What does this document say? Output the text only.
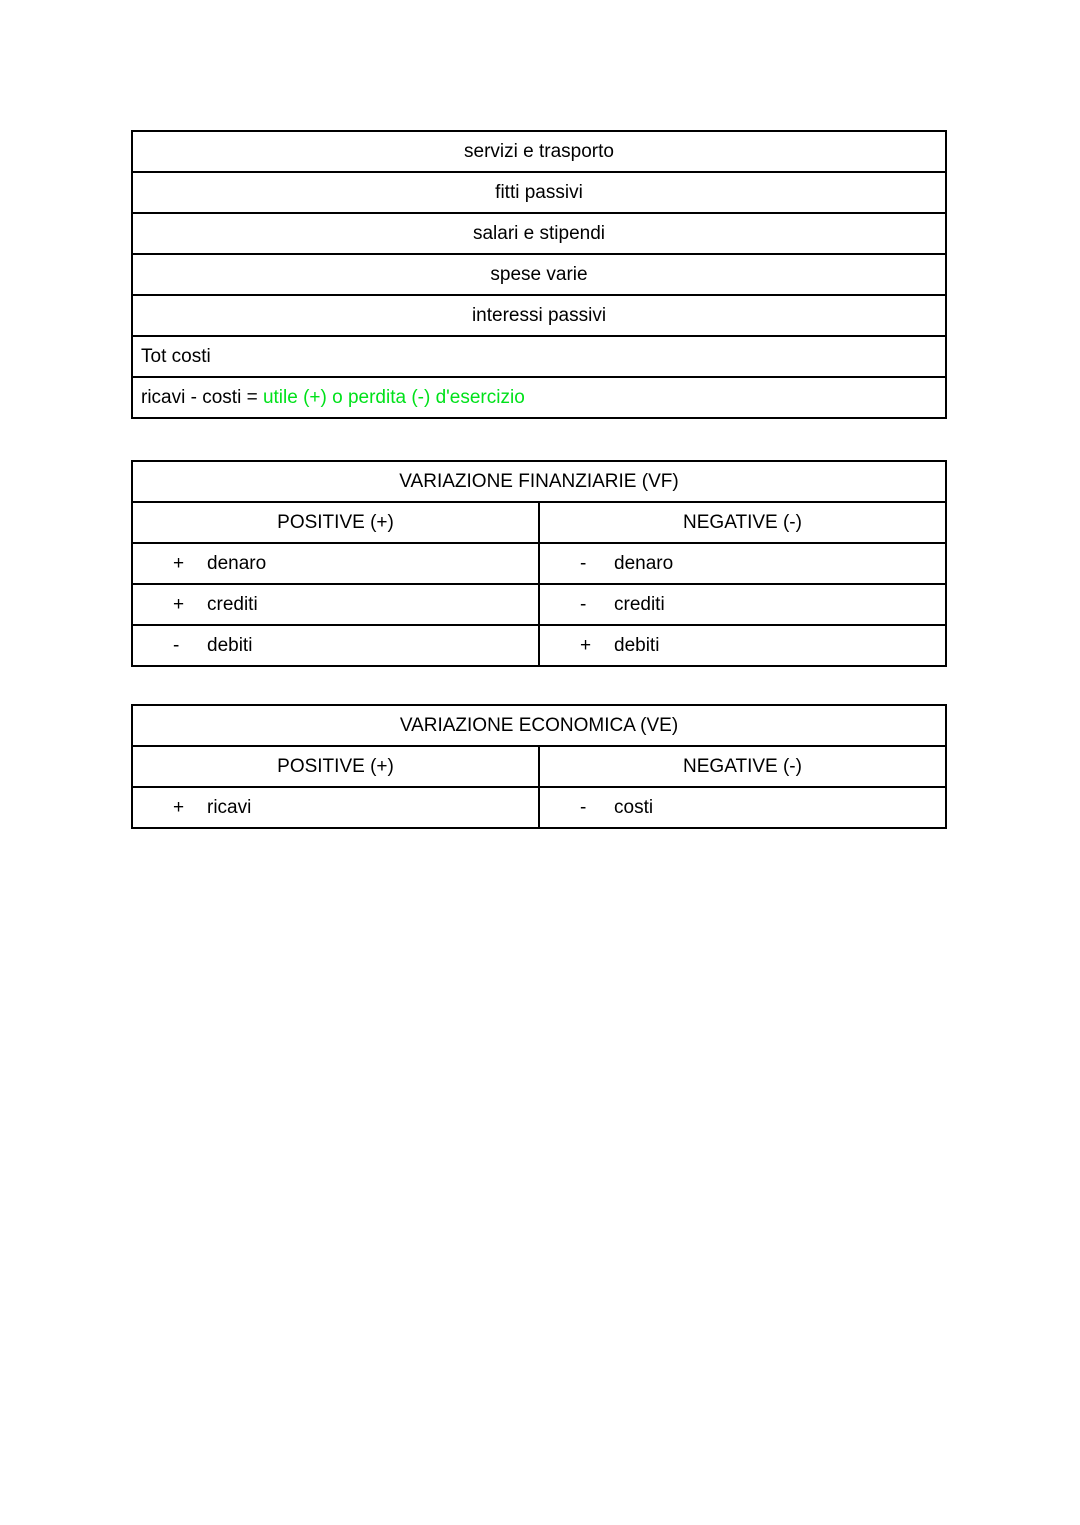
servizi e trasporto
fitti passivi
salari e stipendi
spese varie
interessi passivi
Tot costi
ricavi - costi = utile (+) o perdita (-) d'esercizio
VARIAZIONE FINANZIARIE (VF)	
POSITIVE (+)	NEGATIVE (-)
+ denaro	- denaro
+ crediti	- crediti
- debiti	+ debiti
VARIAZIONE ECONOMICA (VE)	
POSITIVE (+)	NEGATIVE (-)
+ ricavi	- costi
